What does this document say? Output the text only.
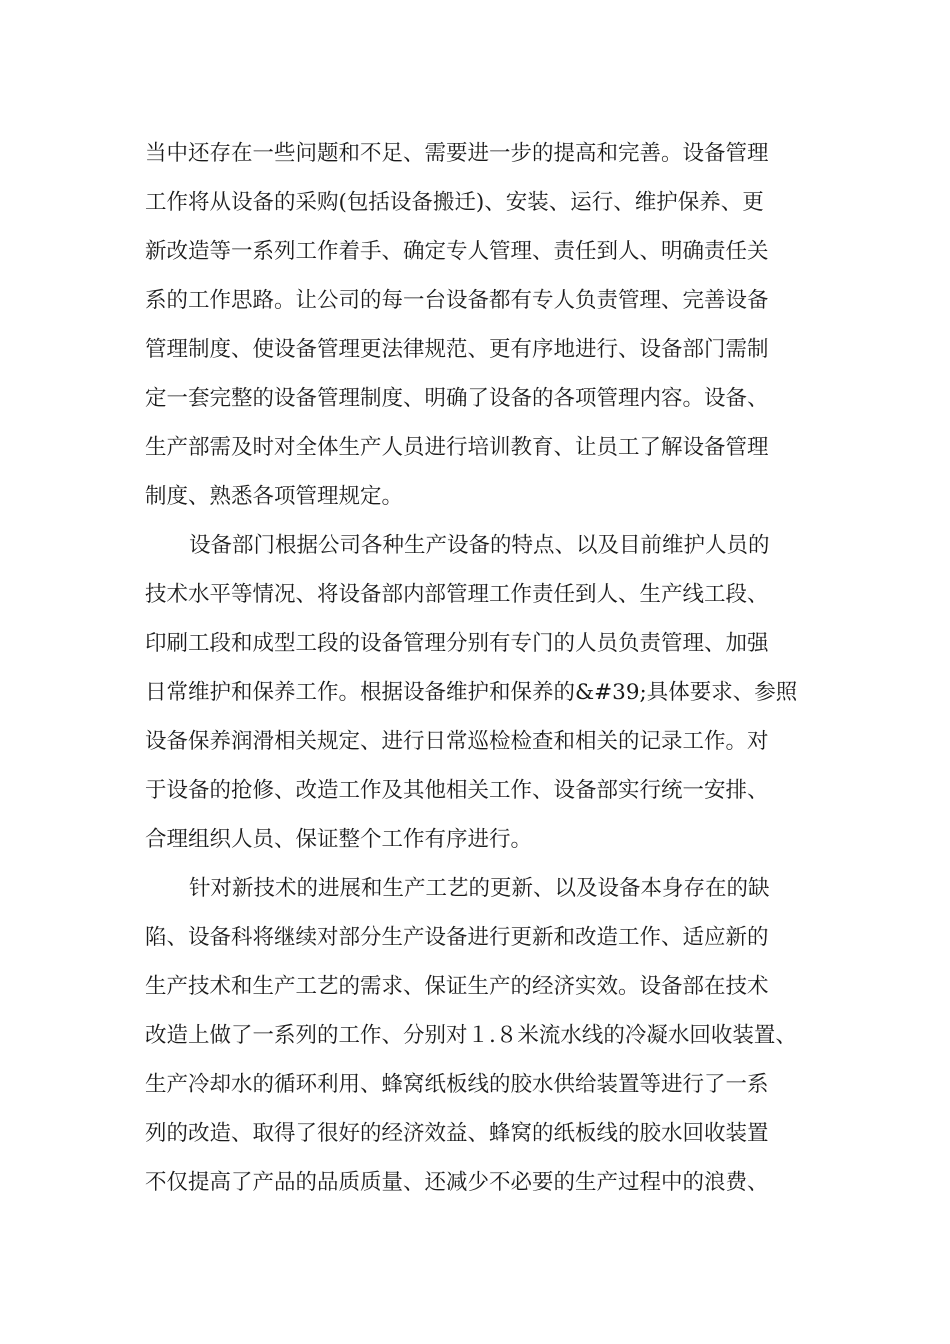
当中还存在一些问题和不足、需要进一步的提高和完善。设备管理
工作将从设备的采购(包括设备搬迁)、安装、运行、维护保养、更
新改造等一系列工作着手、确定专人管理、责任到人、明确责任关
系的工作思路。让公司的每一台设备都有专人负责管理、完善设备
管理制度、使设备管理更法律规范、更有序地进行、设备部门需制
定一套完整的设备管理制度、明确了设备的各项管理内容。设备、
生产部需及时对全体生产人员进行培训教育、让员工了解设备管理
制度、熟悉各项管理规定。
设备部门根据公司各种生产设备的特点、以及目前维护人员的
技术水平等情况、将设备部内部管理工作责任到人、生产线工段、
印刷工段和成型工段的设备管理分别有专门的人员负责管理、加强
日常维护和保养工作。根据设备维护和保养的&#39;具体要求、参照
设备保养润滑相关规定、进行日常巡检检查和相关的记录工作。对
于设备的抢修、改造工作及其他相关工作、设备部实行统一安排、
合理组织人员、保证整个工作有序进行。
针对新技术的进展和生产工艺的更新、以及设备本身存在的缺
陷、设备科将继续对部分生产设备进行更新和改造工作、适应新的
生产技术和生产工艺的需求、保证生产的经济实效。设备部在技术
改造上做了一系列的工作、分别对１.８米流水线的冷凝水回收装置、
生产冷却水的循环利用、蜂窝纸板线的胶水供给装置等进行了一系
列的改造、取得了很好的经济效益、蜂窝的纸板线的胶水回收装置
不仅提高了产品的品质质量、还减少不必要的生产过程中的浪费、
